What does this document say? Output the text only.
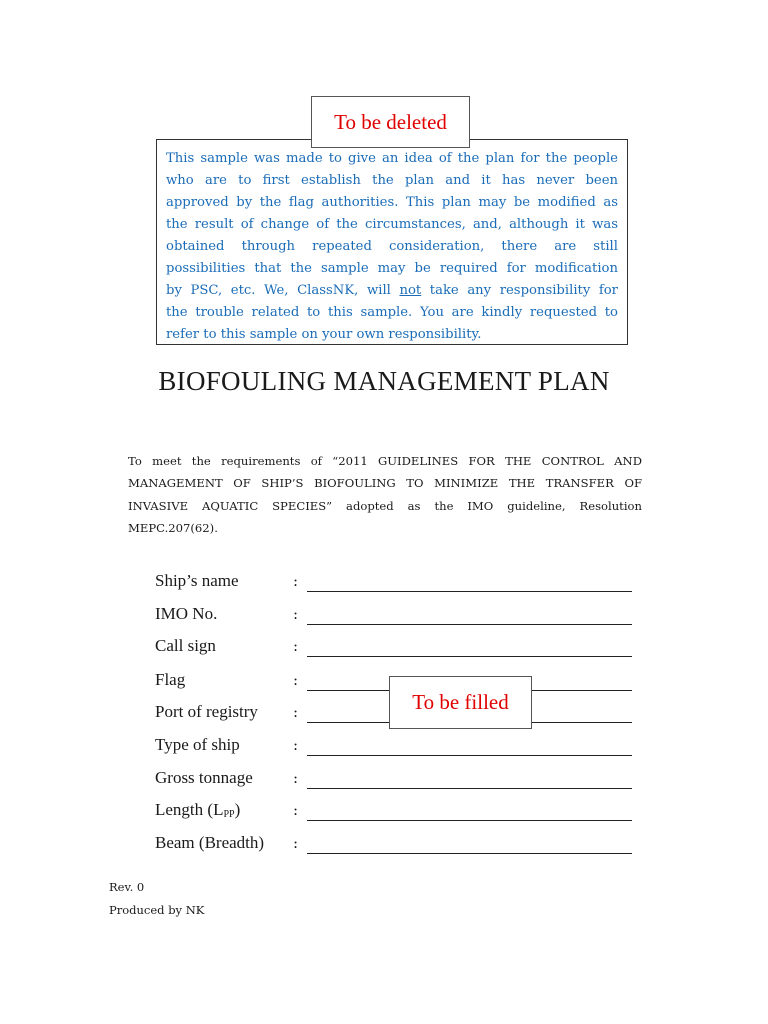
To be deleted
This sample was made to give an idea of the plan for the people
who are to first establish the plan and it has never been
approved by the flag authorities. This plan may be modified as
the result of change of the circumstances, and, although it was
obtained through repeated consideration, there are still
possibilities that the sample may be required for modification
by PSC, etc. We, ClassNK, will not take any responsibility for
the trouble related to this sample. You are kindly requested to
refer to this sample on your own responsibility.
BIOFOULING MANAGEMENT PLAN
To meet the requirements of “2011 GUIDELINES FOR THE CONTROL AND
MANAGEMENT OF SHIP’S BIOFOULING TO MINIMIZE THE TRANSFER OF
INVASIVE AQUATIC SPECIES” adopted as the IMO guideline, Resolution
MEPC.207(62).
Ship’s name	:
IMO No.	:
Call sign	:
Flag	:
Port of registry :
Type of ship	:
Gross tonnage	:
Length (LPP)	:
Beam (Breadth) :
To be filled
Rev. 0
Produced by NK
